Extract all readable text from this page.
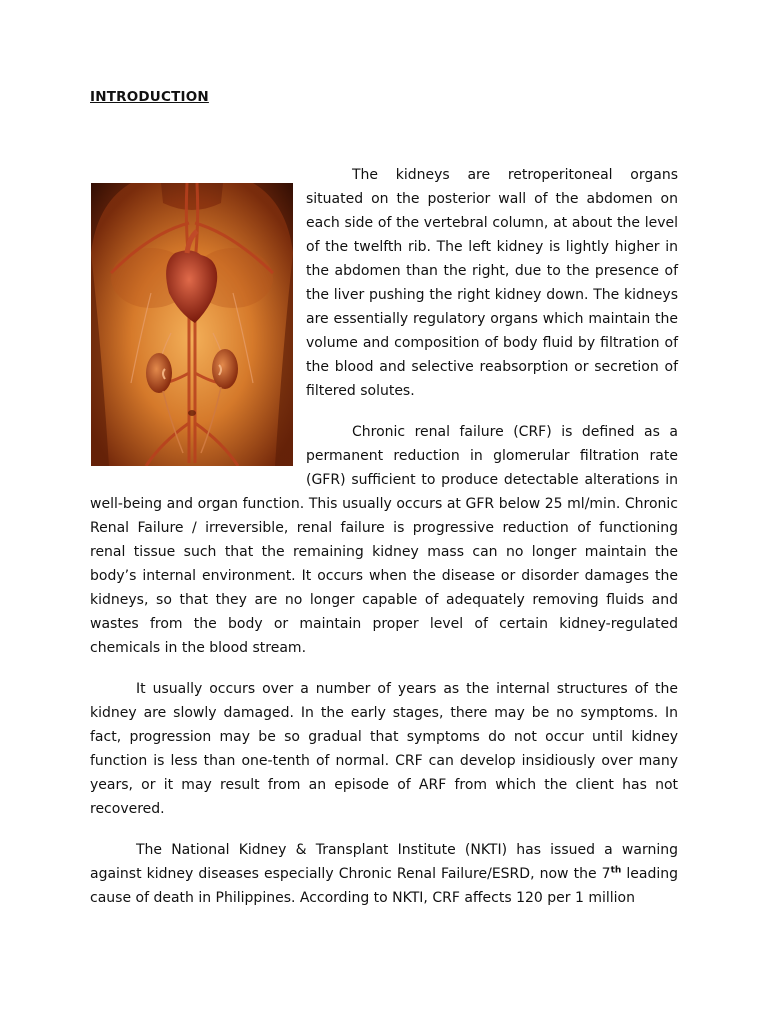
INTRODUCTION

The kidneys are retroperitoneal organs situated on the posterior wall of the abdomen on each side of the vertebral column, at about the level of the twelfth rib. The left kidney is lightly higher in the abdomen than the right, due to the presence of the liver pushing the right kidney down. The kidneys are essentially regulatory organs which maintain the volume and composition of body fluid by filtration of the blood and selective reabsorption or secretion of filtered solutes.

Chronic renal failure (CRF) is defined as a permanent reduction in glomerular filtration rate (GFR) sufficient to produce detectable alterations in well-being and organ function. This usually occurs at GFR below 25 ml/min. Chronic Renal Failure / irreversible, renal failure is progressive reduction of functioning renal tissue such that the remaining kidney mass can no longer maintain the body’s internal environment. It occurs when the disease or disorder damages the kidneys, so that they are no longer capable of adequately removing fluids and wastes from the body or maintain proper level of certain kidney-regulated chemicals in the blood stream.

It usually occurs over a number of years as the internal structures of the kidney are slowly damaged. In the early stages, there may be no symptoms. In fact, progression may be so gradual that symptoms do not occur until kidney function is less than one-tenth of normal. CRF can develop insidiously over many years, or it may result from an episode of ARF from which the client has not recovered.

The National Kidney & Transplant Institute (NKTI) has issued a warning against kidney diseases especially Chronic Renal Failure/ESRD, now the 7th leading cause of death in Philippines. According to NKTI, CRF affects 120 per 1 million
